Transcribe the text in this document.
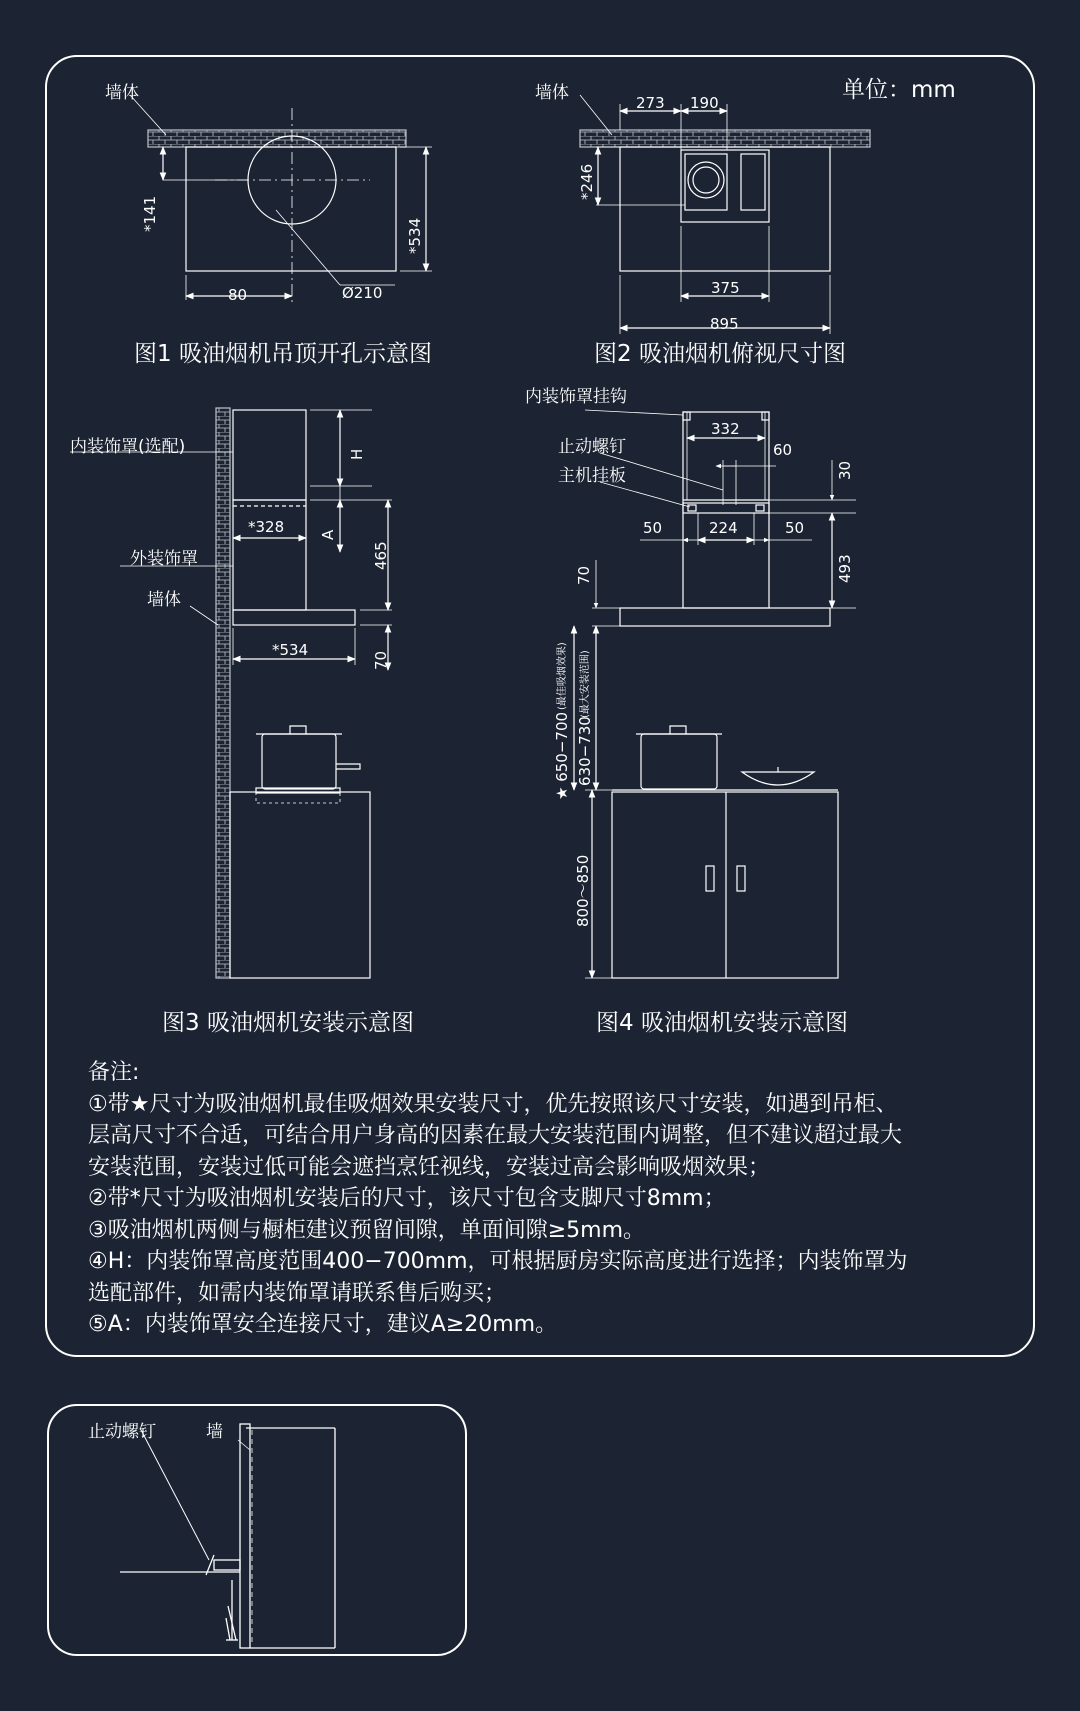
单位：mm
墙体
*141
*534
80	Ø210
图1 吸油烟机吊顶开孔示意图
墙体	273 190
*246
375
895
图2 吸油烟机俯视尺寸图
内装饰罩(选配)
外装饰罩
墙体
H
A
*328
465
*534
70
图3 吸油烟机安装示意图
内装饰罩挂钩
止动螺钉
主机挂板
332
60
30
50	224	50
493
70
★ 650−700
(最佳吸烟效果)
630−730
(最大安装范围)
800～850
图4 吸油烟机安装示意图
止动螺钉	墙
备注:
①带★尺寸为吸油烟机最佳吸烟效果安装尺寸，优先按照该尺寸安装，如遇到吊柜、
层高尺寸不合适，可结合用户身高的因素在最大安装范围内调整，但不建议超过最大
安装范围，安装过低可能会遮挡烹饪视线，安装过高会影响吸烟效果；
②带*尺寸为吸油烟机安装后的尺寸，该尺寸包含支脚尺寸8mm；
③吸油烟机两侧与橱柜建议预留间隙，单面间隙≥5mm。
④H：内装饰罩高度范围400−700mm，可根据厨房实际高度进行选择；内装饰罩为
选配部件，如需内装饰罩请联系售后购买；
⑤A：内装饰罩安全连接尺寸，建议A≥20mm。
